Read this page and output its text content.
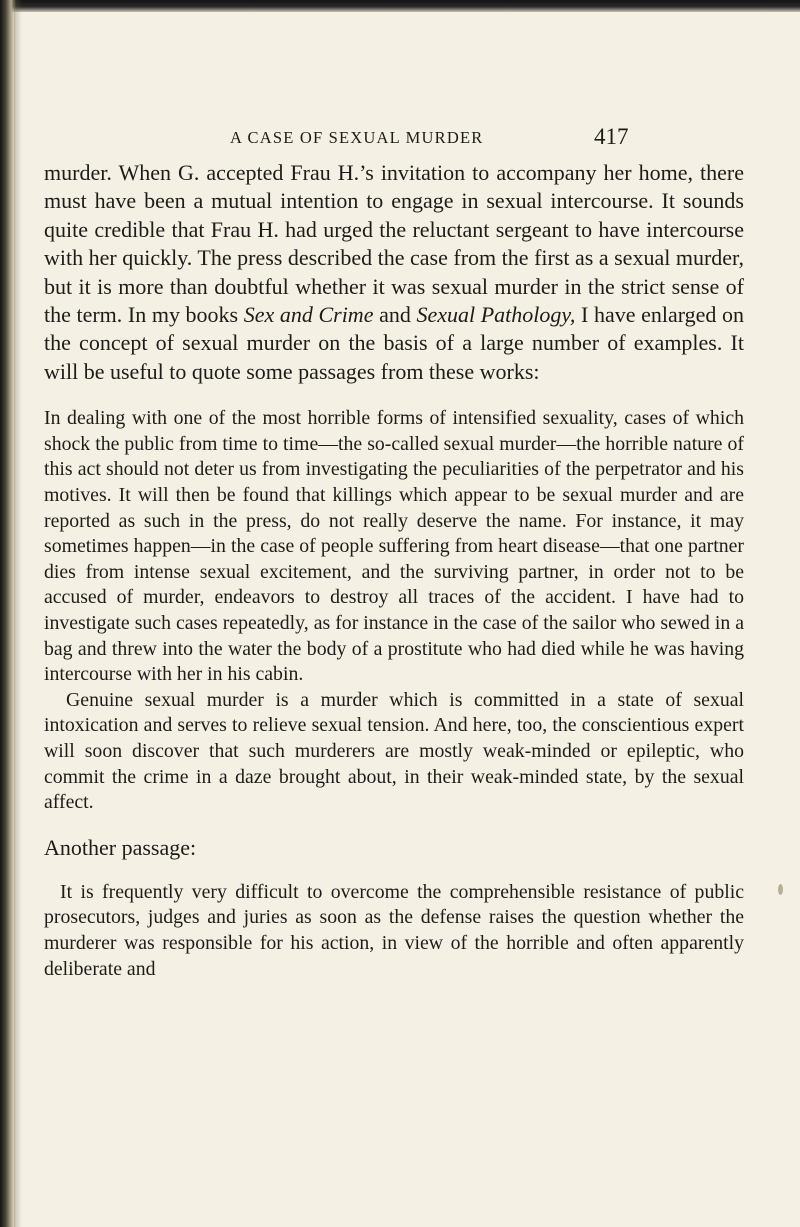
A CASE OF SEXUAL MURDER	417

murder. When G. accepted Frau H.’s invitation to accompany her home, there must have been a mutual intention to engage in sexual intercourse. It sounds quite credible that Frau H. had urged the reluctant sergeant to have intercourse with her quickly. The press described the case from the first as a sexual murder, but it is more than doubtful whether it was sexual murder in the strict sense of the term. In my books Sex and Crime and Sexual Pathology, I have enlarged on the concept of sexual murder on the basis of a large number of examples. It will be useful to quote some passages from these works:

In dealing with one of the most horrible forms of intensified sexuality, cases of which shock the public from time to time—the so-called sexual murder—the horrible nature of this act should not deter us from investigating the peculiarities of the perpetrator and his motives. It will then be found that killings which appear to be sexual murder and are reported as such in the press, do not really deserve the name. For instance, it may sometimes happen—in the case of people suffering from heart disease—that one partner dies from intense sexual excitement, and the surviving partner, in order not to be accused of murder, endeavors to destroy all traces of the accident. I have had to investigate such cases repeatedly, as for instance in the case of the sailor who sewed in a bag and threw into the water the body of a prostitute who had died while he was having intercourse with her in his cabin.

Genuine sexual murder is a murder which is committed in a state of sexual intoxication and serves to relieve sexual tension. And here, too, the conscientious expert will soon discover that such murderers are mostly weak-minded or epileptic, who commit the crime in a daze brought about, in their weak-minded state, by the sexual affect.

Another passage:

It is frequently very difficult to overcome the comprehensible resistance of public prosecutors, judges and juries as soon as the defense raises the question whether the murderer was responsible for his action, in view of the horrible and often apparently deliberate and
